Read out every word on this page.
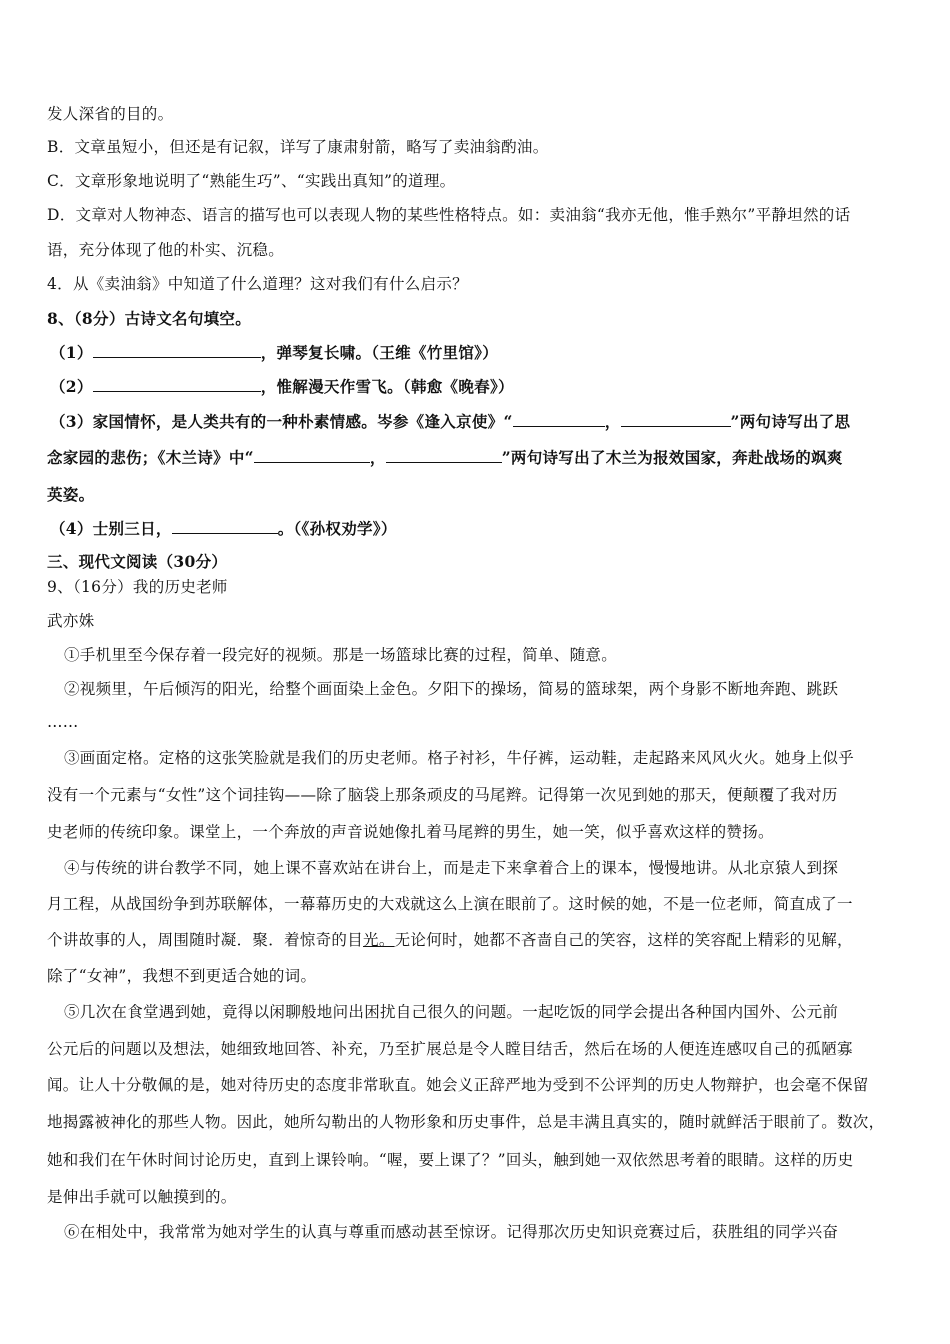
发人深省的目的。
B．文章虽短小，但还是有记叙，详写了康肃射箭，略写了卖油翁酌油。
C．文章形象地说明了“熟能生巧”、“实践出真知”的道理。
D．文章对人物神态、语言的描写也可以表现人物的某些性格特点。如：卖油翁“我亦无他，惟手熟尔”平静坦然的话
语，充分体现了他的朴实、沉稳。
4．从《卖油翁》中知道了什么道理？这对我们有什么启示？
8、（8分）古诗文名句填空。
（1）	，弹琴复长啸。（王维《竹里馆》）
（2）	，惟解漫天作雪飞。（韩愈《晚春》）
（3）家国情怀，是人类共有的一种朴素情感。岑参《逢入京使》“	，	”两句诗写出了思
念家园的悲伤；《木兰诗》中“	，	”两句诗写出了木兰为报效国家，奔赴战场的飒爽
英姿。
（4）士别三日，	。（《孙权劝学》）
三、现代文阅读（30分）
9、（16分）我的历史老师
武亦姝
①手机里至今保存着一段完好的视频。那是一场篮球比赛的过程，简单、随意。
②视频里，午后倾泻的阳光，给整个画面染上金色。夕阳下的操场，简易的篮球架，两个身影不断地奔跑、跳跃
……
③画面定格。定格的这张笑脸就是我们的历史老师。格子衬衫，牛仔裤，运动鞋，走起路来风风火火。她身上似乎
没有一个元素与“女性”这个词挂钩——除了脑袋上那条顽皮的马尾辫。记得第一次见到她的那天，便颠覆了我对历
史老师的传统印象。课堂上，一个奔放的声音说她像扎着马尾辫的男生，她一笑，似乎喜欢这样的赞扬。
④与传统的讲台教学不同，她上课不喜欢站在讲台上，而是走下来拿着合上的课本，慢慢地讲。从北京猿人到探
月工程，从战国纷争到苏联解体，一幕幕历史的大戏就这么上演在眼前了。这时候的她，不是一位老师，简直成了一
个讲故事的人，周围随时凝．聚．着惊奇的目光。无论何时，她都不吝啬自己的笑容，这样的笑容配上精彩的见解，
除了“女神”，我想不到更适合她的词。
⑤几次在食堂遇到她，竟得以闲聊般地问出困扰自己很久的问题。一起吃饭的同学会提出各种国内国外、公元前
公元后的问题以及想法，她细致地回答、补充，乃至扩展总是令人瞠目结舌，然后在场的人便连连感叹自己的孤陋寡
闻。让人十分敬佩的是，她对待历史的态度非常耿直。她会义正辞严地为受到不公评判的历史人物辩护，也会毫不保留
地揭露被神化的那些人物。因此，她所勾勒出的人物形象和历史事件，总是丰满且真实的，随时就鲜活于眼前了。数次，
她和我们在午休时间讨论历史，直到上课铃响。“喔，要上课了？”回头，触到她一双依然思考着的眼睛。这样的历史
是伸出手就可以触摸到的。
⑥在相处中，我常常为她对学生的认真与尊重而感动甚至惊讶。记得那次历史知识竞赛过后，获胜组的同学兴奋
